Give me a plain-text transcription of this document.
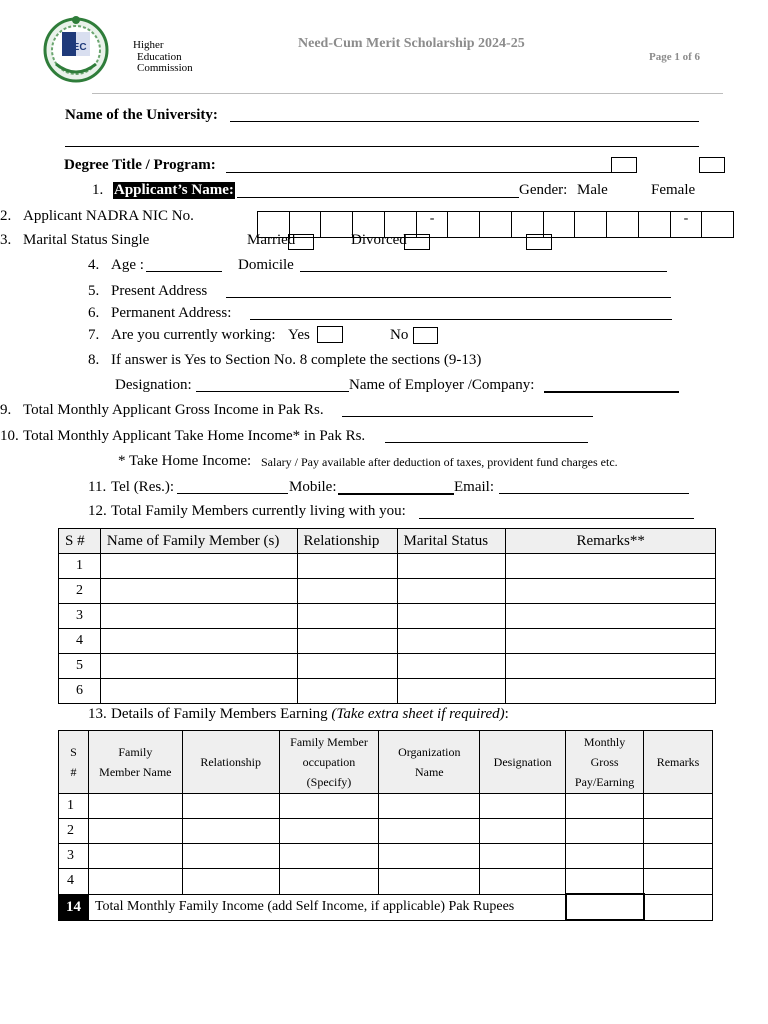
HEC	Higher
Education
Commission
Need-Cum Merit Scholarship 2024-25
Page 1 of 6
Name of the University:
Degree Title / Program:
1. Applicant’s Name:	Gender: Male	Female
2. Applicant NADRA NIC No.	-	-
3. Marital Status Single	Married	Divorced
4. Age :	Domicile
5. Present Address
6. Permanent Address:
7. Are you currently working: Yes	No
8. If answer is Yes to Section No. 8 complete the sections (9-13)
Designation:	Name of Employer /Company:
9. Total Monthly Applicant Gross Income in Pak Rs.
10. Total Monthly Applicant Take Home Income* in Pak Rs.
* Take Home Income: Salary / Pay available after deduction of taxes, provident fund charges etc.
11. Tel (Res.):	Mobile:	Email:
12. Total Family Members currently living with you:
S #	Name of Family Member (s)	Relationship	Marital Status	Remarks**
1				
2				
3				
4				
5				
6				
13. Details of Family Members Earning (Take extra sheet if required):
S
#	Family
Member Name	Relationship	Family Member
occupation
(Specify)	Organization
Name	Designation	Monthly
Gross
Pay/Earning	Remarks
1							
2							
3							
4							
14	Total Monthly Family Income (add Self Income, if applicable) Pak Rupees						
